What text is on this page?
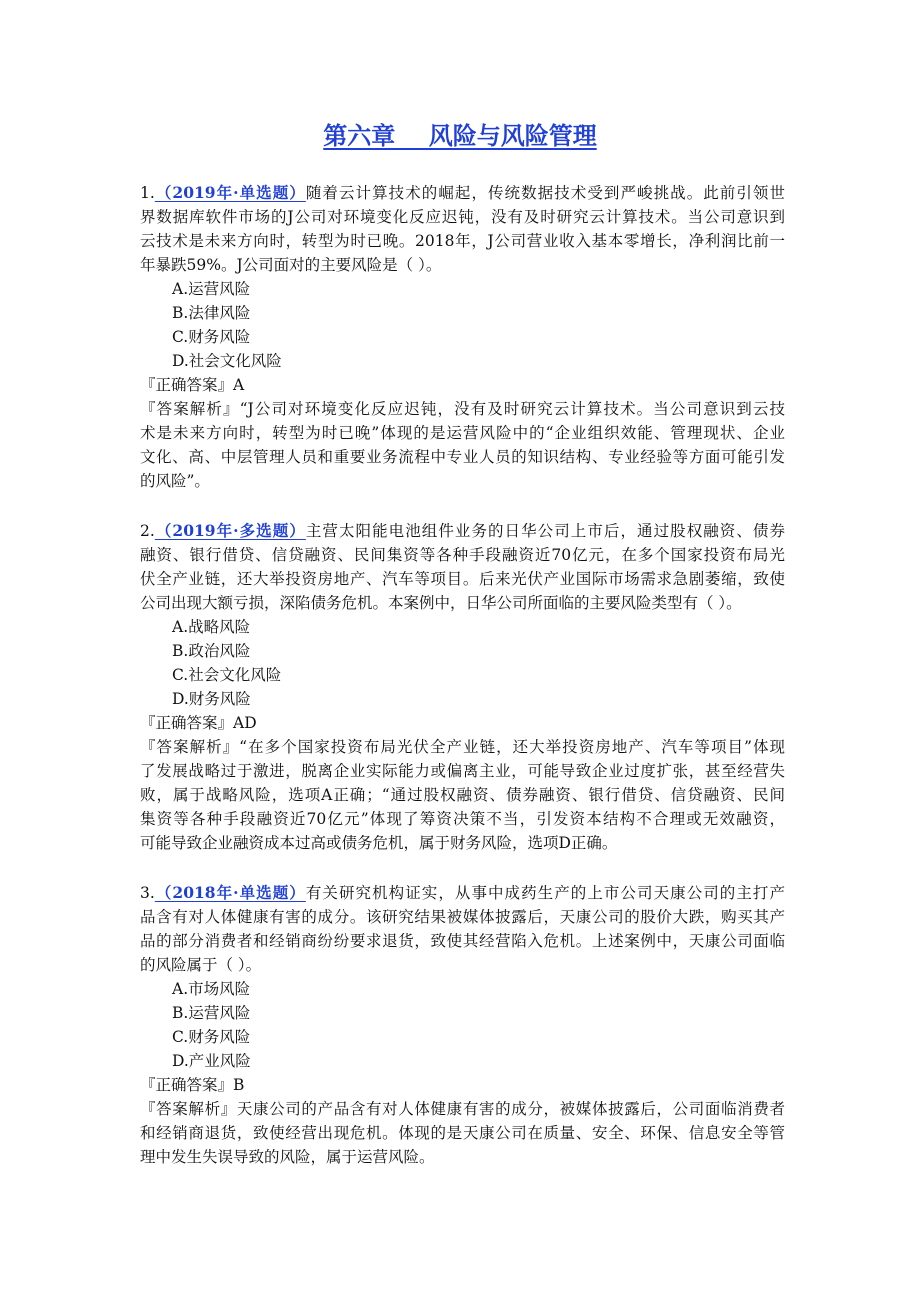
第六章    风险与风险管理
1.（2019年·单选题）随着云计算技术的崛起，传统数据技术受到严峻挑战。此前引领世
界数据库软件市场的J公司对环境变化反应迟钝，没有及时研究云计算技术。当公司意识到
云技术是未来方向时，转型为时已晚。2018年，J公司营业收入基本零增长，净利润比前一
年暴跌59%。J公司面对的主要风险是（ ）。
A.运营风险
B.法律风险
C.财务风险
D.社会文化风险
『正确答案』A
『答案解析』“J公司对环境变化反应迟钝，没有及时研究云计算技术。当公司意识到云技
术是未来方向时，转型为时已晚”体现的是运营风险中的“企业组织效能、管理现状、企业
文化、高、中层管理人员和重要业务流程中专业人员的知识结构、专业经验等方面可能引发
的风险”。
2.（2019年·多选题）主营太阳能电池组件业务的日华公司上市后，通过股权融资、债券
融资、银行借贷、信贷融资、民间集资等各种手段融资近70亿元，在多个国家投资布局光
伏全产业链，还大举投资房地产、汽车等项目。后来光伏产业国际市场需求急剧萎缩，致使
公司出现大额亏损，深陷债务危机。本案例中，日华公司所面临的主要风险类型有（ ）。
A.战略风险
B.政治风险
C.社会文化风险
D.财务风险
『正确答案』AD
『答案解析』“在多个国家投资布局光伏全产业链，还大举投资房地产、汽车等项目”体现
了发展战略过于激进，脱离企业实际能力或偏离主业，可能导致企业过度扩张，甚至经营失
败，属于战略风险，选项A正确；“通过股权融资、债券融资、银行借贷、信贷融资、民间
集资等各种手段融资近70亿元”体现了筹资决策不当，引发资本结构不合理或无效融资，
可能导致企业融资成本过高或债务危机，属于财务风险，选项D正确。
3.（2018年·单选题）有关研究机构证实，从事中成药生产的上市公司天康公司的主打产
品含有对人体健康有害的成分。该研究结果被媒体披露后，天康公司的股价大跌，购买其产
品的部分消费者和经销商纷纷要求退货，致使其经营陷入危机。上述案例中，天康公司面临
的风险属于（ ）。
A.市场风险
B.运营风险
C.财务风险
D.产业风险
『正确答案』B
『答案解析』天康公司的产品含有对人体健康有害的成分，被媒体披露后，公司面临消费者
和经销商退货，致使经营出现危机。体现的是天康公司在质量、安全、环保、信息安全等管
理中发生失误导致的风险，属于运营风险。
